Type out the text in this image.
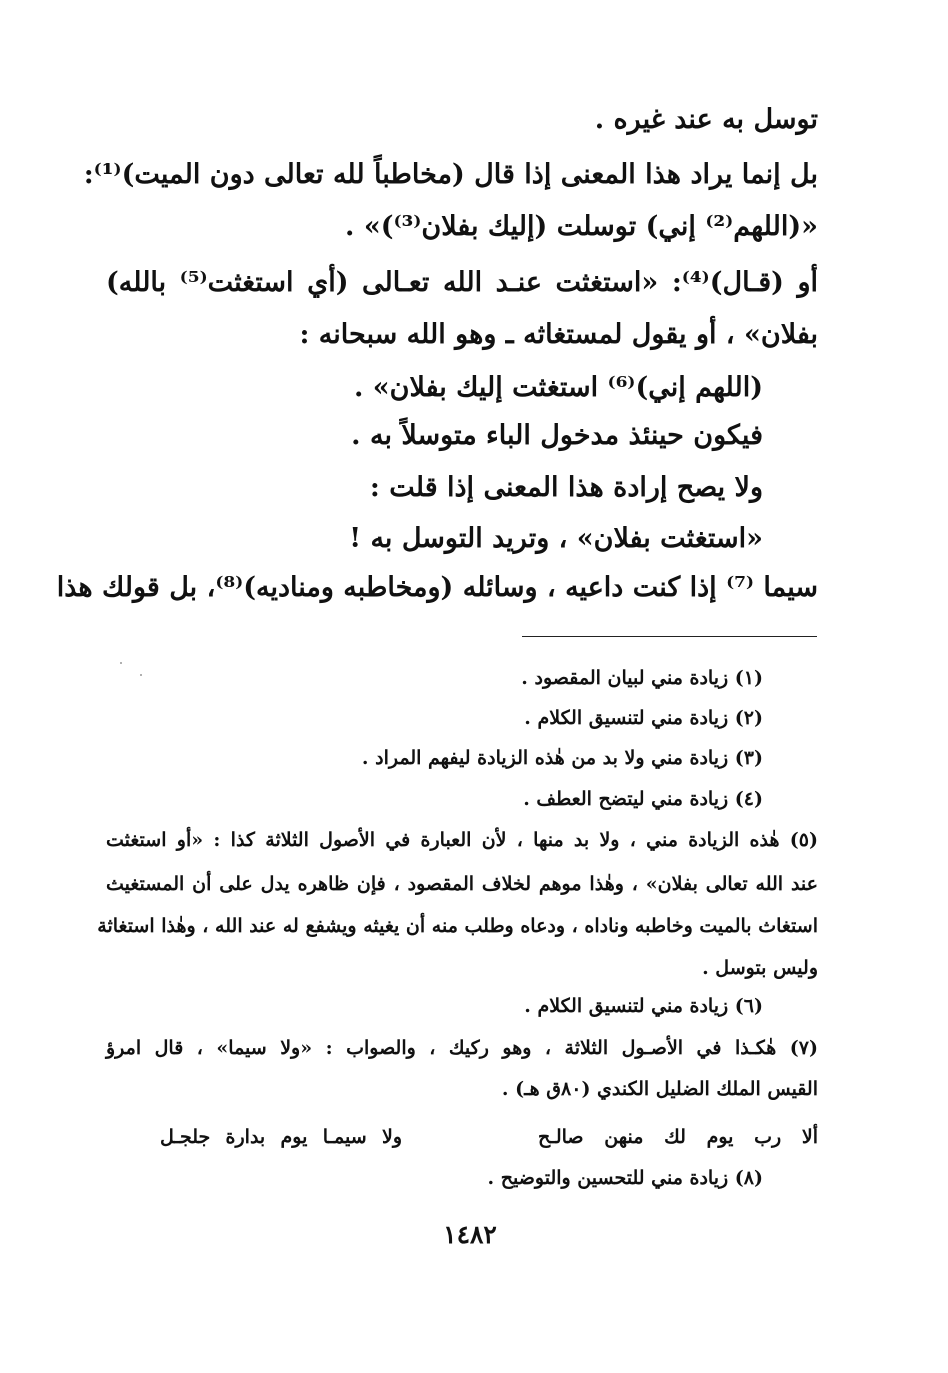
توسل به عند غيره .

بل إنما يراد هذا المعنى إذا قال (مخاطباً لله تعالى دون الميت)⁽¹⁾:

«(اللهم⁽²⁾ إني) توسلت (إليك بفلان⁽³⁾)» .

أو (قـال)⁽⁴⁾: «استغثت عنـد الله تعـالى (أي استغثت⁽⁵⁾ بالله)

بفلان» ، أو يقول لمستغاثه ـ وهو الله سبحانه :

(اللهم إني)⁽⁶⁾ استغثت إليك بفلان» .

فيكون حينئذ مدخول الباء متوسلاً به .

ولا يصح إرادة هذا المعنى إذا قلت :

«استغثت بفلان» ، وتريد التوسل به !

سيما ⁽⁷⁾ إذا كنت داعيه ، وسائله (ومخاطبه ومناديه)⁽⁸⁾، بل قولك هذا

(١) زيادة مني لبيان المقصود .

(٢) زيادة مني لتنسيق الكلام .

(٣) زيادة مني ولا بد من هٰذه الزيادة ليفهم المراد .

(٤) زيادة مني ليتضح العطف .

(٥) هٰذه الزيادة مني ، ولا بد منها ، لأن العبارة في الأصول الثلاثة كذا : «أو استغثت

عند الله تعالى بفلان» ، وهٰذا موهم لخلاف المقصود ، فإن ظاهره يدل على أن المستغيث

استغاث بالميت وخاطبه وناداه ، ودعاه وطلب منه أن يغيثه ويشفع له عند الله ، وهٰذا استغاثة

وليس بتوسل .

(٦) زيادة مني لتنسيق الكلام .

(٧) هٰكـذا في الأصـول الثلاثة ، وهو ركيك ، والصواب : «ولا سيما» ، قال امرؤ

القيس الملك الضليل الكندي (٨٠ق هـ) .

ألا رب يوم لك منهن صالـح
ولا سيمـا يوم بدارة جلجـل

(٨) زيادة مني للتحسين والتوضيح .

١٤٨٢
